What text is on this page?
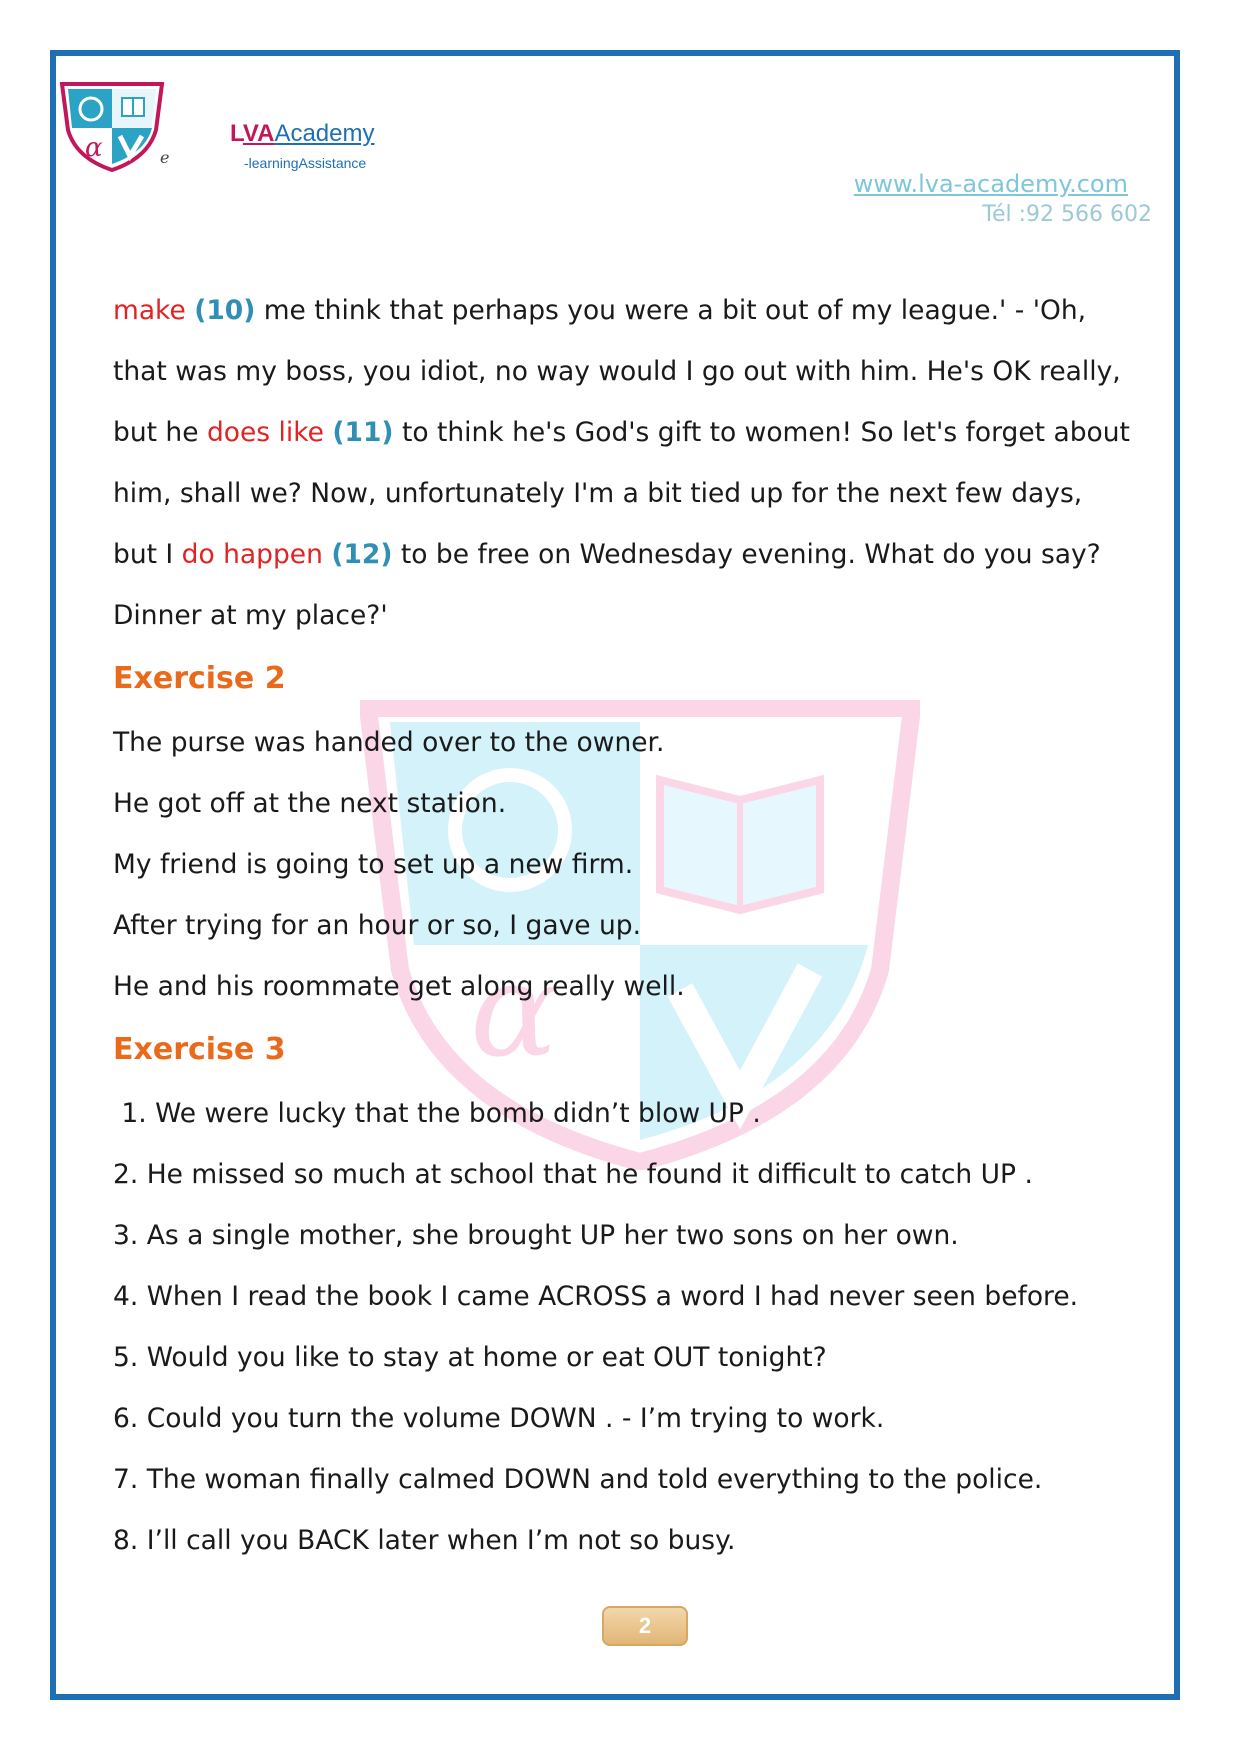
α	e
LVAAcademy
-learningAssistance
www.lva-academy.com
Tél :92 566 602
α

make (10) me think that perhaps you were a bit out of my league.' - 'Oh,

that was my boss, you idiot, no way would I go out with him. He's OK really,

but he does like (11) to think he's God's gift to women! So let's forget about

him, shall we? Now, unfortunately I'm a bit tied up for the next few days,

but I do happen (12) to be free on Wednesday evening. What do you say?

Dinner at my place?'

Exercise 2

The purse was handed over to the owner.

He got off at the next station.

My friend is going to set up a new firm.

After trying for an hour or so, I gave up.

He and his roommate get along really well.

Exercise 3

1. We were lucky that the bomb didn’t blow UP .

2. He missed so much at school that he found it difficult to catch UP .

3. As a single mother, she brought UP her two sons on her own.

4. When I read the book I came ACROSS a word I had never seen before.

5. Would you like to stay at home or eat OUT tonight?

6. Could you turn the volume DOWN . - I’m trying to work.

7. The woman finally calmed DOWN and told everything to the police.

8. I’ll call you BACK later when I’m not so busy.

2
